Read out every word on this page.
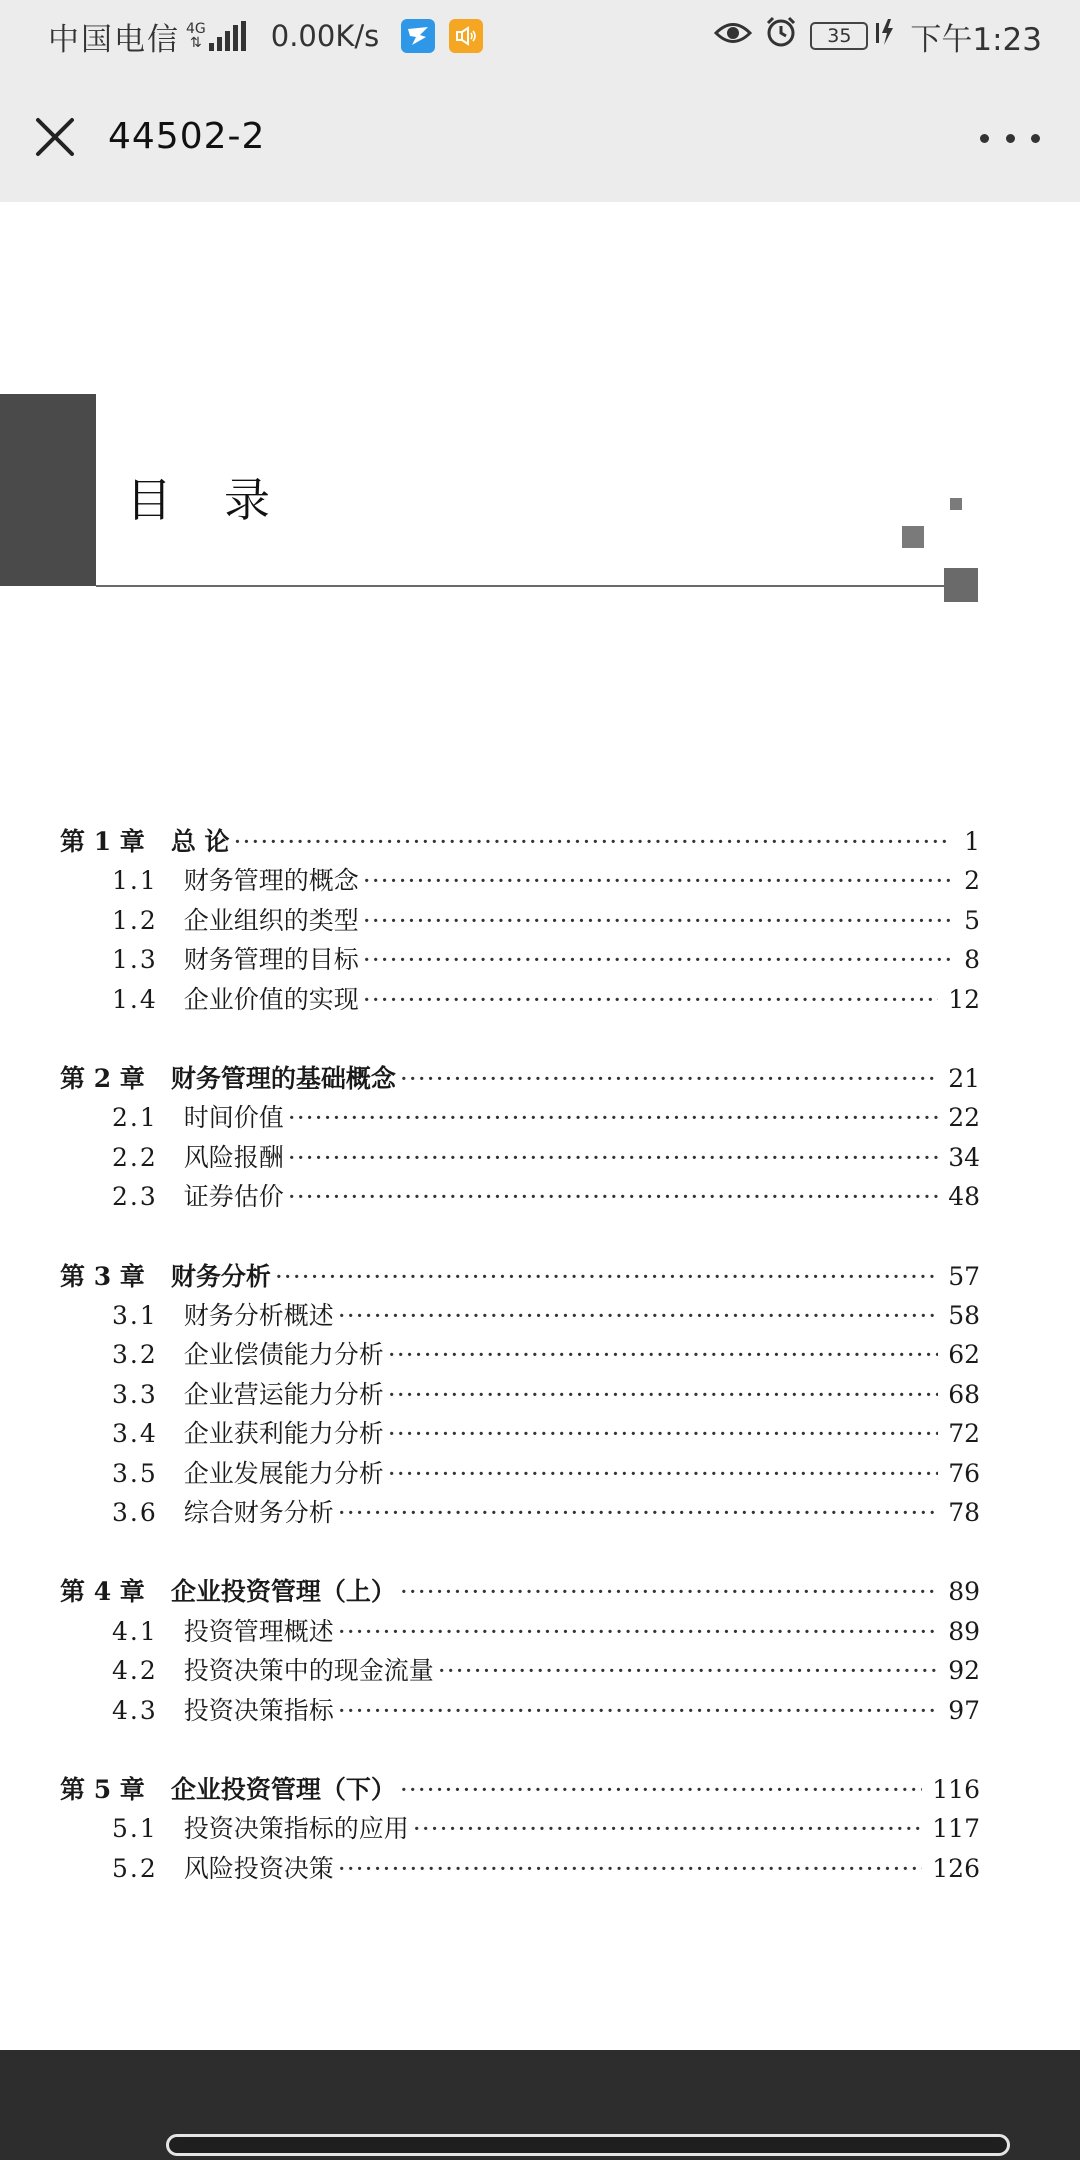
中国电信 4G
⇅ 0.00K/s	35 下午1:23
44502-2
目录
第 1 章 总 论 ·····	1
1.1 财务管理的概念 ·····	2
1.2 企业组织的类型 ·····	5
1.3 财务管理的目标 ·····	8
1.4 企业价值的实现 ·····	12
第 2 章 财务管理的基础概念 ·····	21
2.1 时间价值 ·····	22
2.2 风险报酬 ·····	34
2.3 证券估价 ·····	48
第 3 章 财务分析 ·····	57
3.1 财务分析概述 ·····	58
3.2 企业偿债能力分析 ·····	62
3.3 企业营运能力分析 ·····	68
3.4 企业获利能力分析 ·····	72
3.5 企业发展能力分析 ·····	76
3.6 综合财务分析 ·····	78
第 4 章 企业投资管理（上） ·····	89
4.1 投资管理概述 ·····	89
4.2 投资决策中的现金流量 ·····	92
4.3 投资决策指标 ·····	97
第 5 章 企业投资管理（下） ·····	116
5.1 投资决策指标的应用 ·····	117
5.2 风险投资决策 ·····	126
